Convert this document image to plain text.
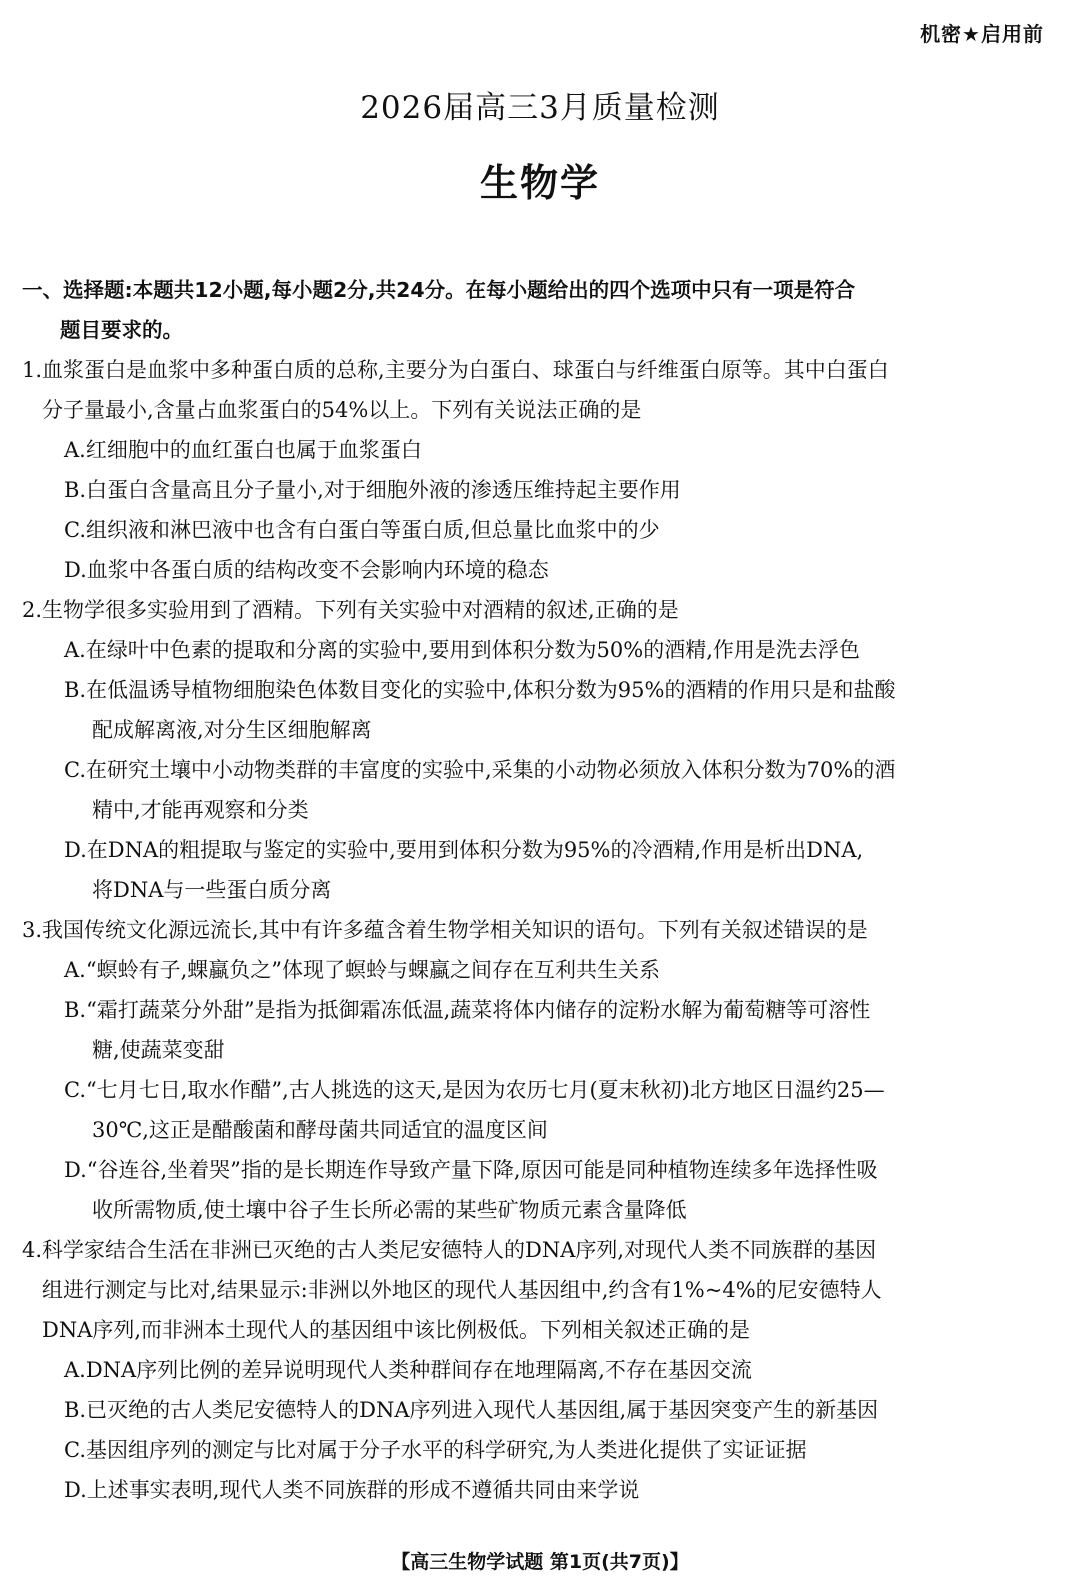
机密★启用前
2026届高三3月质量检测
生物学
一、选择题:本题共12小题,每小题2分,共24分。在每小题给出的四个选项中只有一项是符合
题目要求的。
1.血浆蛋白是血浆中多种蛋白质的总称,主要分为白蛋白、球蛋白与纤维蛋白原等。其中白蛋白
分子量最小,含量占血浆蛋白的54%以上。下列有关说法正确的是
A.红细胞中的血红蛋白也属于血浆蛋白
B.白蛋白含量高且分子量小,对于细胞外液的渗透压维持起主要作用
C.组织液和淋巴液中也含有白蛋白等蛋白质,但总量比血浆中的少
D.血浆中各蛋白质的结构改变不会影响内环境的稳态
2.生物学很多实验用到了酒精。下列有关实验中对酒精的叙述,正确的是
A.在绿叶中色素的提取和分离的实验中,要用到体积分数为50%的酒精,作用是洗去浮色
B.在低温诱导植物细胞染色体数目变化的实验中,体积分数为95%的酒精的作用只是和盐酸
配成解离液,对分生区细胞解离
C.在研究土壤中小动物类群的丰富度的实验中,采集的小动物必须放入体积分数为70%的酒
精中,才能再观察和分类
D.在DNA的粗提取与鉴定的实验中,要用到体积分数为95%的冷酒精,作用是析出DNA,
将DNA与一些蛋白质分离
3.我国传统文化源远流长,其中有许多蕴含着生物学相关知识的语句。下列有关叙述错误的是
A.“螟蛉有子,蜾蠃负之”体现了螟蛉与蜾蠃之间存在互利共生关系
B.“霜打蔬菜分外甜”是指为抵御霜冻低温,蔬菜将体内储存的淀粉水解为葡萄糖等可溶性
糖,使蔬菜变甜
C.“七月七日,取水作醋”,古人挑选的这天,是因为农历七月(夏末秋初)北方地区日温约25—
30℃,这正是醋酸菌和酵母菌共同适宜的温度区间
D.“谷连谷,坐着哭”指的是长期连作导致产量下降,原因可能是同种植物连续多年选择性吸
收所需物质,使土壤中谷子生长所必需的某些矿物质元素含量降低
4.科学家结合生活在非洲已灭绝的古人类尼安德特人的DNA序列,对现代人类不同族群的基因
组进行测定与比对,结果显示:非洲以外地区的现代人基因组中,约含有1%~4%的尼安德特人
DNA序列,而非洲本土现代人的基因组中该比例极低。下列相关叙述正确的是
A.DNA序列比例的差异说明现代人类种群间存在地理隔离,不存在基因交流
B.已灭绝的古人类尼安德特人的DNA序列进入现代人基因组,属于基因突变产生的新基因
C.基因组序列的测定与比对属于分子水平的科学研究,为人类进化提供了实证证据
D.上述事实表明,现代人类不同族群的形成不遵循共同由来学说
【高三生物学试题 第1页(共7页)】
